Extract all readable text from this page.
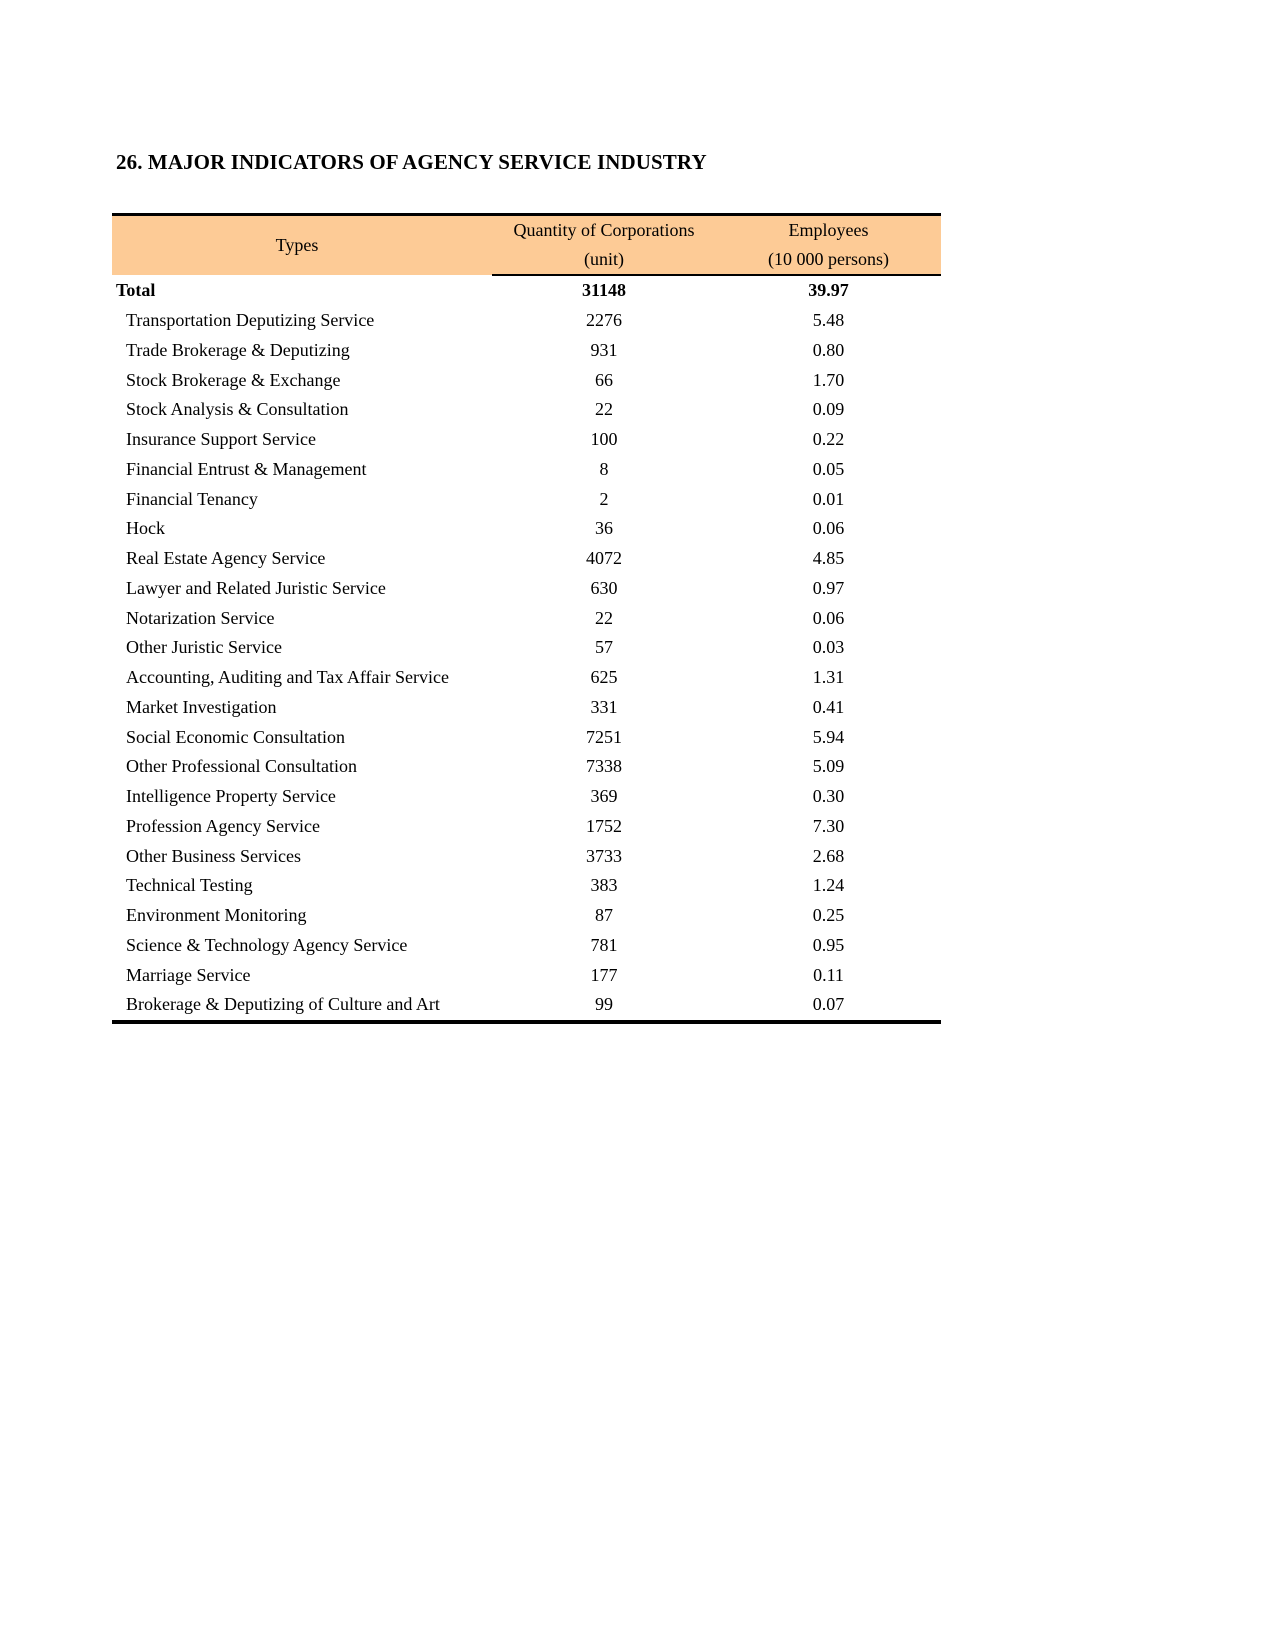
26. MAJOR INDICATORS OF AGENCY SERVICE INDUSTRY
Types	Quantity of Corporations	Employees
	(unit)	(10 000 persons)
Total	31148	39.97
Transportation Deputizing Service	2276	5.48
Trade Brokerage & Deputizing	931	0.80
Stock Brokerage & Exchange	66	1.70
Stock Analysis & Consultation	22	0.09
Insurance Support Service	100	0.22
Financial Entrust & Management	8	0.05
Financial Tenancy	2	0.01
Hock	36	0.06
Real Estate Agency Service	4072	4.85
Lawyer and Related Juristic Service	630	0.97
Notarization Service	22	0.06
Other Juristic Service	57	0.03
Accounting, Auditing and Tax Affair Service	625	1.31
Market Investigation	331	0.41
Social Economic Consultation	7251	5.94
Other Professional Consultation	7338	5.09
Intelligence Property Service	369	0.30
Profession Agency Service	1752	7.30
Other Business Services	3733	2.68
Technical Testing	383	1.24
Environment Monitoring	87	0.25
Science & Technology Agency Service	781	0.95
Marriage Service	177	0.11
Brokerage & Deputizing of Culture and Art	99	0.07
